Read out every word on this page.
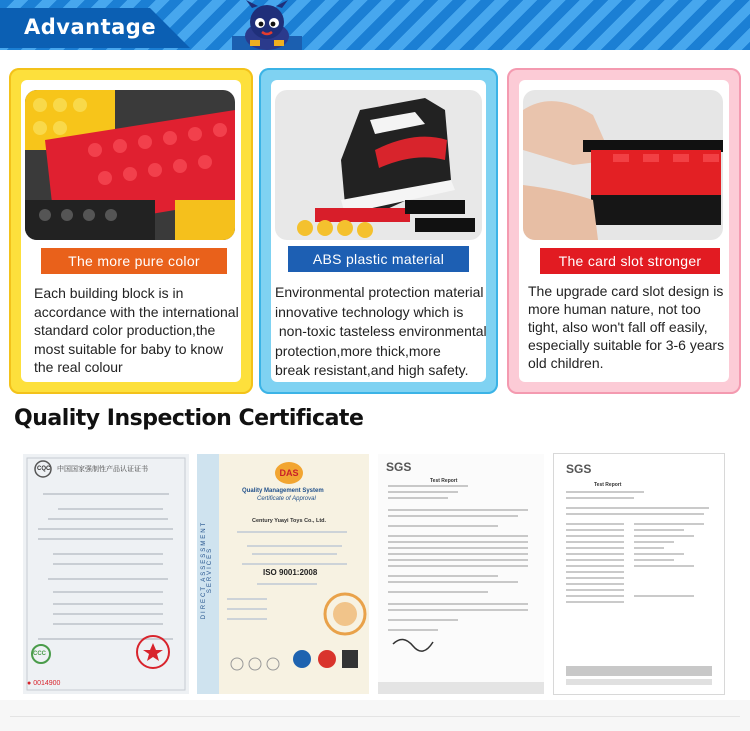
Advantage
The more pure color
Each building block is in
accordance with the international
standard color production,the
most suitable for baby to know
the real colour
ABS plastic material
Environmental protection material
innovative technology which is
non-toxic tasteless environmental
protection,more thick,more
break resistant,and high safety.
The card slot stronger
The upgrade card slot design is
more human nature, not too
tight, also won't fall off easily,
especially suitable for 3-6 years
old children.
Quality Inspection Certificate
中国国家强制性产品认证证书
CQC
CCC
● 0014900
DAS
Quality Management System
Certificate of Approval
Century Yuayi Toys Co., Ltd.
ISO 9001:2008
DIRECT ASSESSMENT SERVICES
SGS
Test Report
SGS
Test Report
